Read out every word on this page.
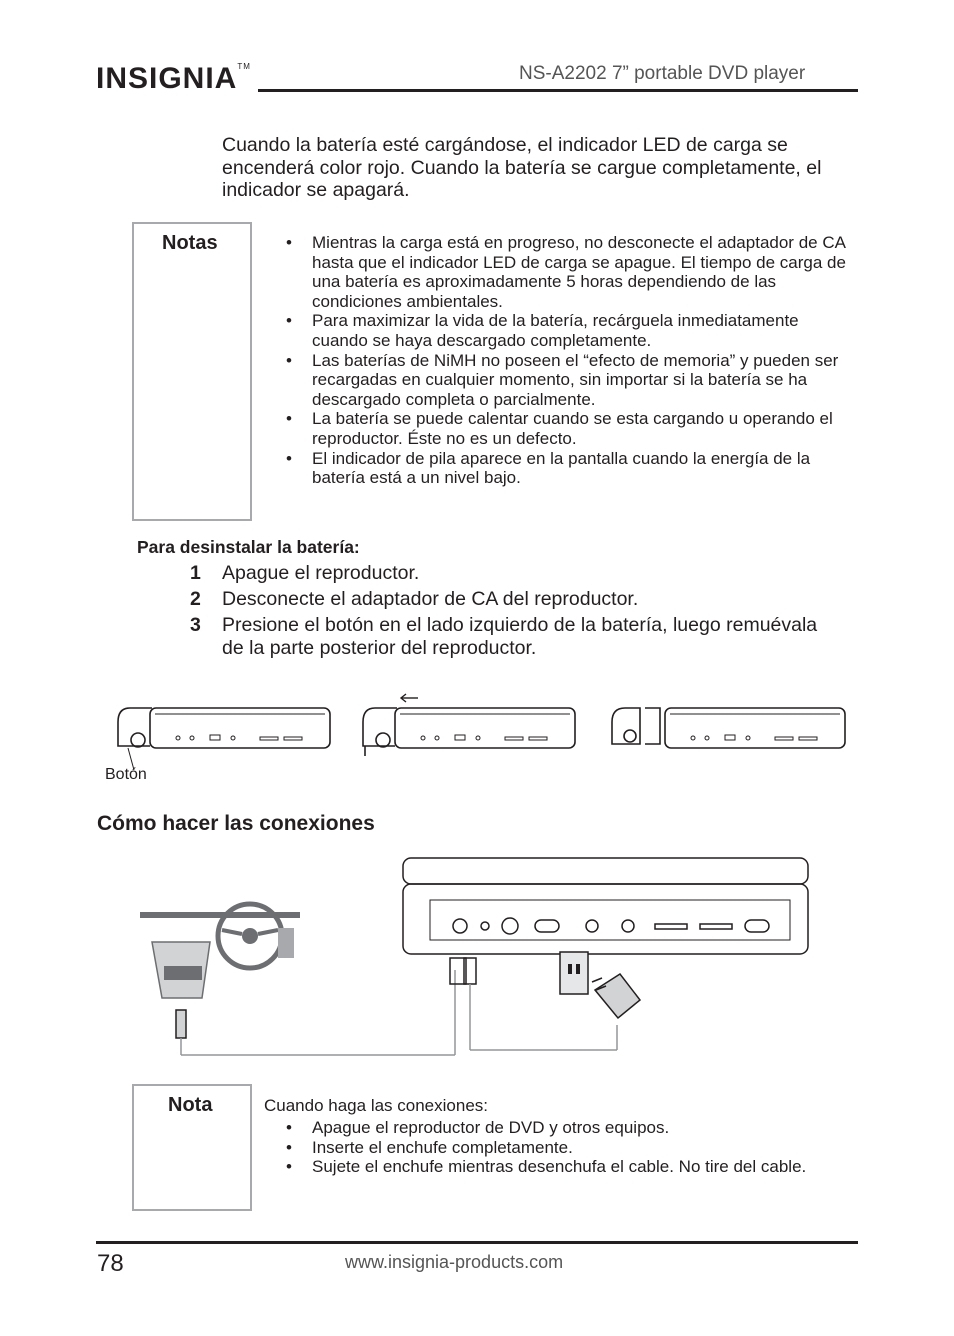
INSIGNIA™	NS-A2202 7” portable DVD player
Cuando la batería esté cargándose, el indicador LED de carga se encenderá color rojo. Cuando la batería se cargue completamente, el indicador se apagará.
Notas
•	Mientras la carga está en progreso, no desconecte el adaptador de CA hasta que el indicador LED de carga se apague. El tiempo de carga de una batería es aproximadamente 5 horas dependiendo de las condiciones ambientales.
• Para maximizar la vida de la batería, recárguela inmediatamente cuando se haya descargado completamente.
• Las baterías de NiMH no poseen el “efecto de memoria” y pueden ser recargadas en cualquier momento, sin importar si la batería se ha descargado completa o parcialmente.
• La batería se puede calentar cuando se esta cargando u operando el reproductor. Éste no es un defecto.
• El indicador de pila aparece en la pantalla cuando la energía de la batería está a un nivel bajo.
Para desinstalar la batería:
1	Apague el reproductor.
2	Desconecte el adaptador de CA del reproductor.
3	Presione el botón en el lado izquierdo de la batería, luego remuévala de la parte posterior del reproductor.
Botón
Cómo hacer las conexiones
Nota	Cuando haga las conexiones:
• Apague el reproductor de DVD y otros equipos.
• Inserte el enchufe completamente.
• Sujete el enchufe mientras desenchufa el cable. No tire del cable.
78	www.insignia-products.com
